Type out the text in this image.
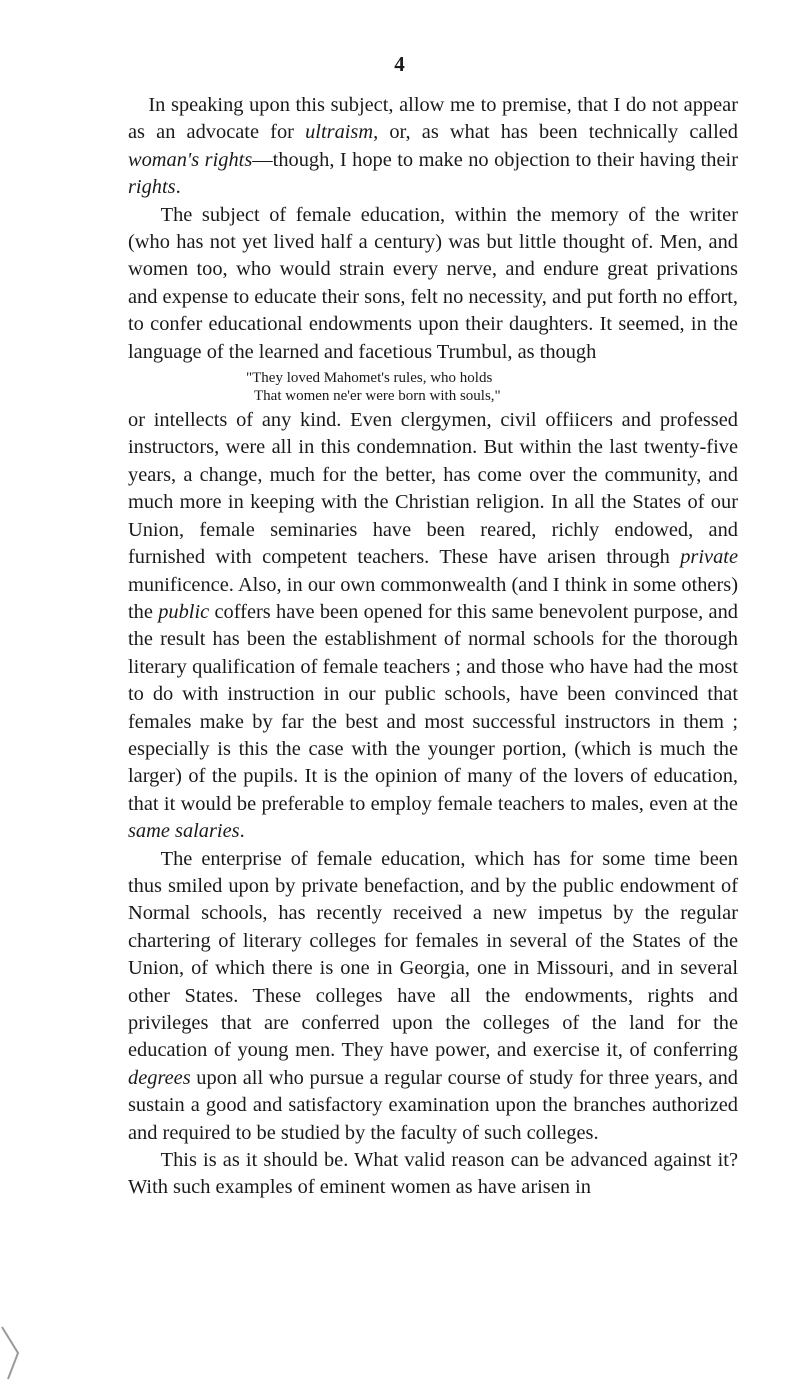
4

In speaking upon this subject, allow me to premise, that I do not appear as an advocate for ultraism, or, as what has been technically called woman's rights—though, I hope to make no objection to their having their rights.

The subject of female education, within the memory of the writer (who has not yet lived half a century) was but little thought of. Men, and women too, who would strain every nerve, and endure great privations and expense to educate their sons, felt no necessity, and put forth no effort, to confer educational endowments upon their daughters. It seemed, in the language of the learned and facetious Trumbul, as though

"They loved Mahomet's rules, who holds
That women ne'er were born with souls,"

or intellects of any kind. Even clergymen, civil offiicers and professed instructors, were all in this condemnation. But within the last twenty-five years, a change, much for the better, has come over the community, and much more in keeping with the Christian religion. In all the States of our Union, female seminaries have been reared, richly endowed, and furnished with competent teachers. These have arisen through private munificence. Also, in our own commonwealth (and I think in some others) the public coffers have been opened for this same benevolent purpose, and the result has been the establishment of normal schools for the thorough literary qualification of female teachers ; and those who have had the most to do with instruction in our public schools, have been convinced that females make by far the best and most successful instructors in them ; especially is this the case with the younger portion, (which is much the larger) of the pupils. It is the opinion of many of the lovers of education, that it would be preferable to employ female teachers to males, even at the same salaries.

The enterprise of female education, which has for some time been thus smiled upon by private benefaction, and by the public endowment of Normal schools, has recently received a new impetus by the regular chartering of literary colleges for females in several of the States of the Union, of which there is one in Georgia, one in Missouri, and in several other States. These colleges have all the endowments, rights and privileges that are conferred upon the colleges of the land for the education of young men. They have power, and exercise it, of conferring degrees upon all who pursue a regular course of study for three years, and sustain a good and satisfactory examination upon the branches authorized and required to be studied by the faculty of such colleges.

This is as it should be. What valid reason can be advanced against it? With such examples of eminent women as have arisen in
